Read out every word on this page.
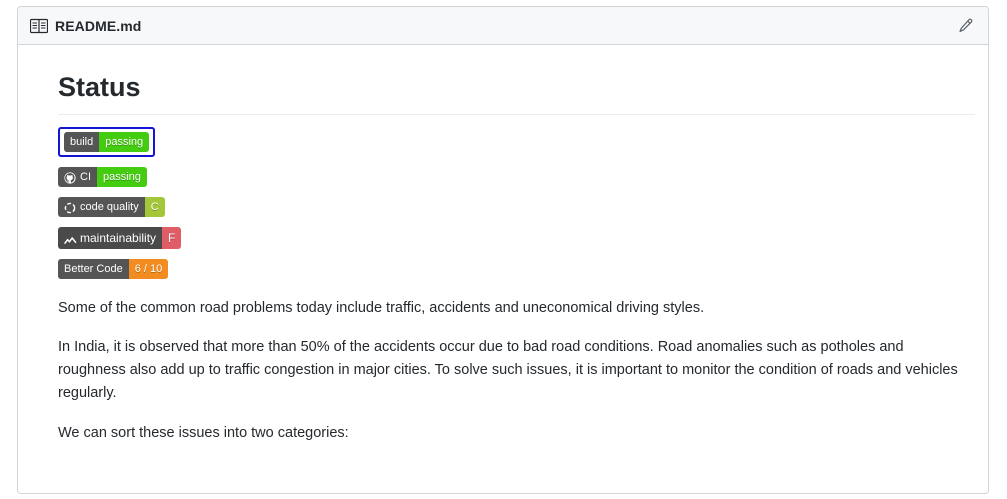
README.md
Status
build	passing
CI	passing
code quality	C
maintainability	F
Better Code	6 / 10

Some of the common road problems today include traffic, accidents and uneconomical driving styles.

In India, it is observed that more than 50% of the accidents occur due to bad road conditions. Road anomalies such as potholes and roughness also add up to traffic congestion in major cities. To solve such issues, it is important to monitor the condition of roads and vehicles regularly.

We can sort these issues into two categories:
